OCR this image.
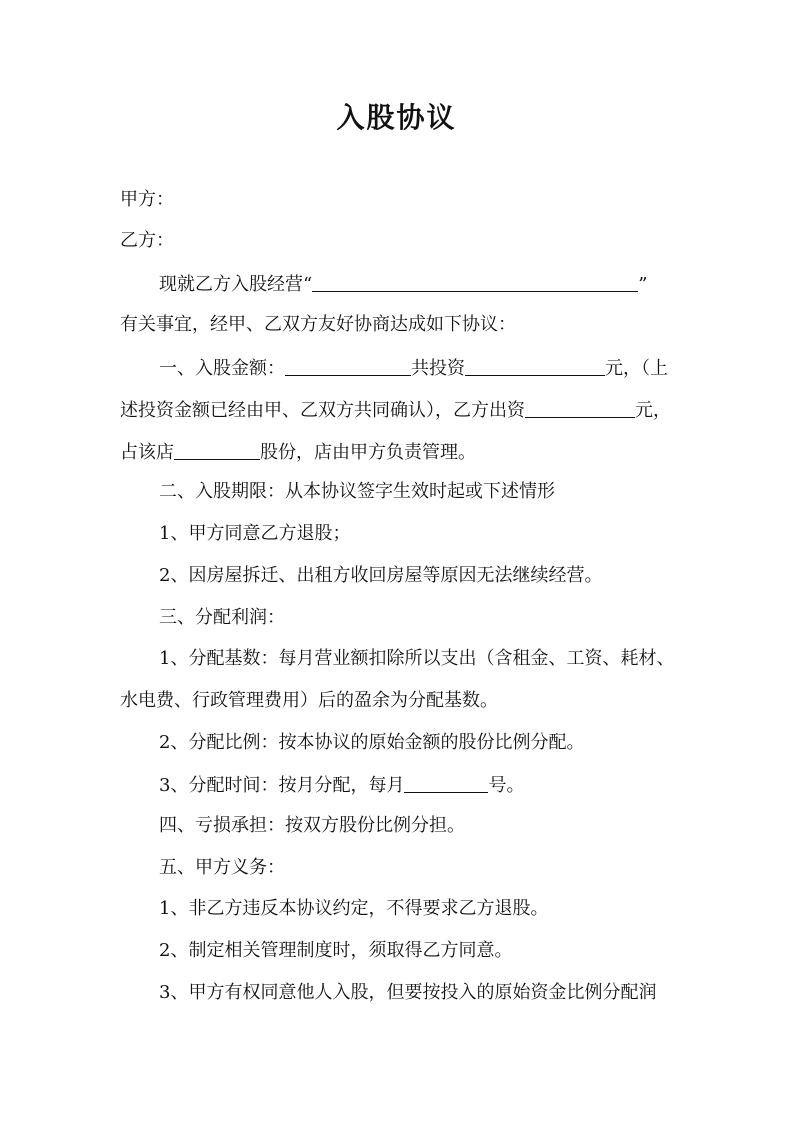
入股协议
甲方：
乙方：
现就乙方入股经营“	”
有关事宜，经甲、乙双方友好协商达成如下协议：
一、入股金额：	共投资	元，（上
述投资金额已经由甲、乙双方共同确认），乙方出资	元，
占该店	股份，店由甲方负责管理。
二、入股期限：从本协议签字生效时起或下述情形
1、甲方同意乙方退股；
2、因房屋拆迁、出租方收回房屋等原因无法继续经营。
三、分配利润：
1、分配基数：每月营业额扣除所以支出（含租金、工资、耗材、
水电费、行政管理费用）后的盈余为分配基数。
2、分配比例：按本协议的原始金额的股份比例分配。
3、分配时间：按月分配，每月	号。
四、亏损承担：按双方股份比例分担。
五、甲方义务：
1、非乙方违反本协议约定，不得要求乙方退股。
2、制定相关管理制度时，须取得乙方同意。
3、甲方有权同意他人入股，但要按投入的原始资金比例分配润
